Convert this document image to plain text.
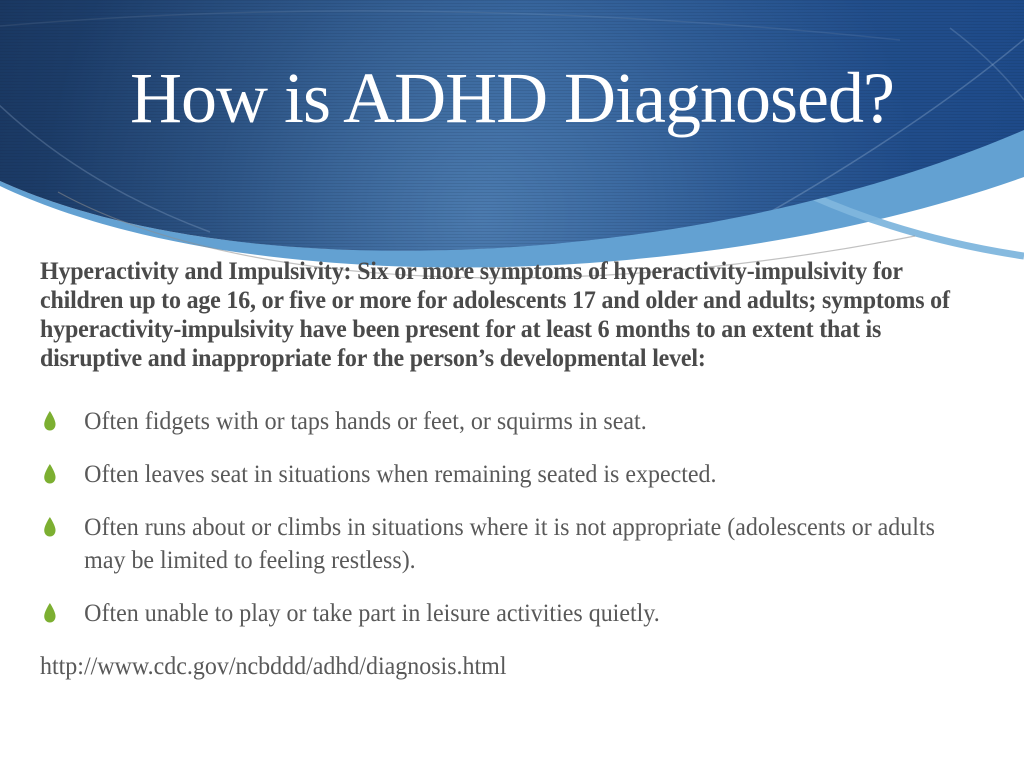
How is ADHD Diagnosed?

Hyperactivity and Impulsivity: Six or more symptoms of hyperactivity-impulsivity for children up to age 16, or five or more for adolescents 17 and older and adults; symptoms of hyperactivity-impulsivity have been present for at least 6 months to an extent that is disruptive and inappropriate for the person’s developmental level:

Often fidgets with or taps hands or feet, or squirms in seat.
Often leaves seat in situations when remaining seated is expected.
Often runs about or climbs in situations where it is not appropriate (adolescents or adults may be limited to feeling restless).
Often unable to play or take part in leisure activities quietly.

http://www.cdc.gov/ncbddd/adhd/diagnosis.html
